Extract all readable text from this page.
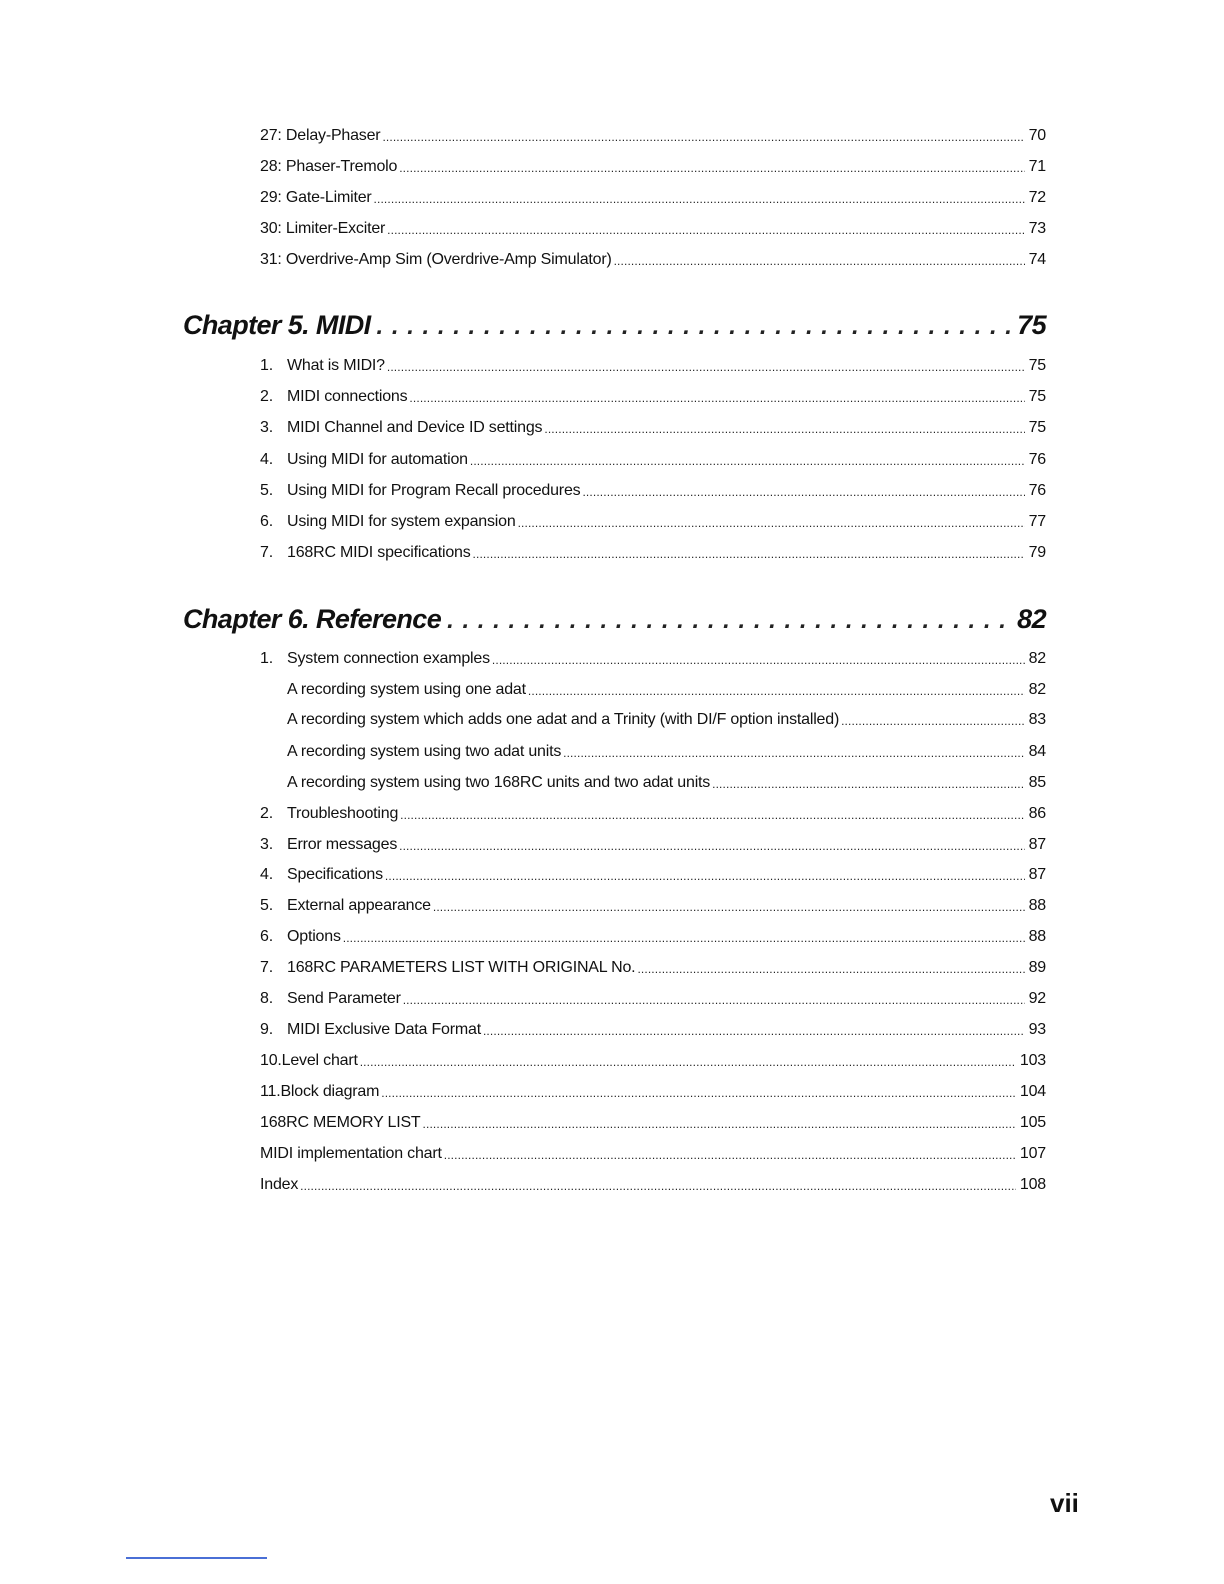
27: Delay-Phaser . . .	70
28: Phaser-Tremolo . . .	71
29: Gate-Limiter . . .	72
30: Limiter-Exciter . . .	73
31: Overdrive-Amp Sim (Overdrive-Amp Simulator) . . .	74
Chapter 5. MIDI . . .	75
1. What is MIDI? . . .	75
2. MIDI connections . . .	75
3. MIDI Channel and Device ID settings . . .	75
4. Using MIDI for automation . . .	76
5. Using MIDI for Program Recall procedures . . .	76
6. Using MIDI for system expansion . . .	77
7. 168RC MIDI specifications . . .	79
Chapter 6. Reference . . .	82
1. System connection examples . . .	82
A recording system using one adat . . .	82
A recording system which adds one adat and a Trinity (with DI/F option installed) . . .	83
A recording system using two adat units . . .	84
A recording system using two 168RC units and two adat units . . .	85
2. Troubleshooting . . .	86
3. Error messages . . .	87
4. Specifications . . .	87
5. External appearance . . .	88
6. Options . . .	88
7. 168RC PARAMETERS LIST WITH ORIGINAL No. . . .	89
8. Send Parameter . . .	92
9. MIDI Exclusive Data Format . . .	93
10.Level chart . . .	103
11.Block diagram . . .	104
168RC MEMORY LIST . . .	105
MIDI implementation chart . . .	107
Index . . .	108
vii
